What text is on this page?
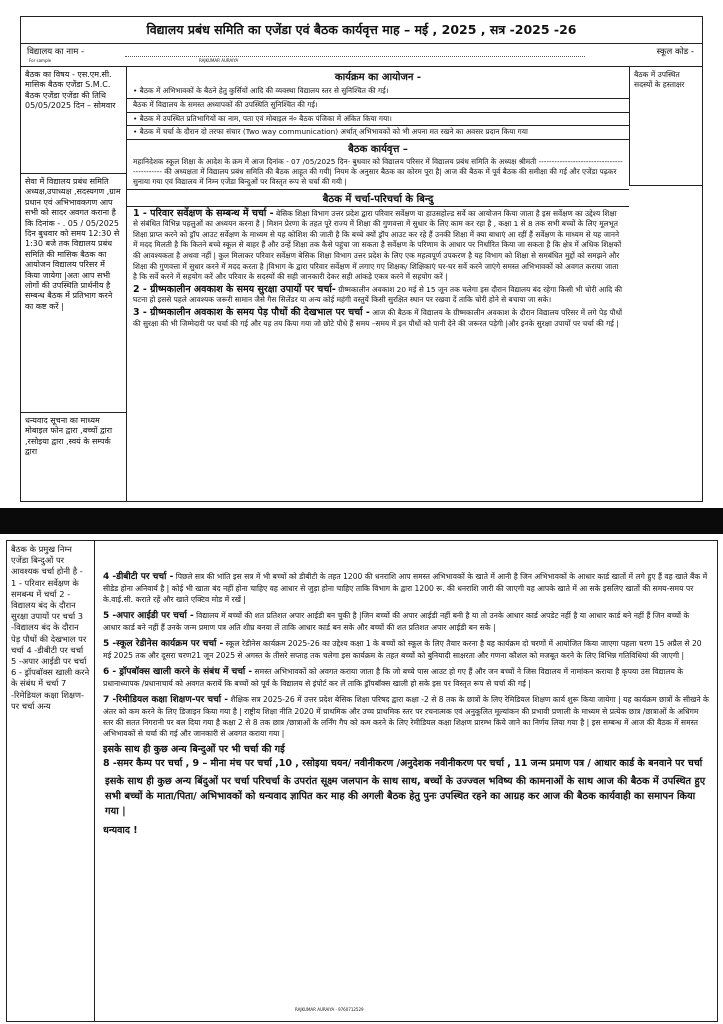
विद्यालय प्रबंध समिति का एजेंडा एवं बैठक कार्यवृत्त माह – मई , 2025 , सत्र -2025 -26
विद्यालय का नाम -	स्कूल कोड -
For sample	RAJKUMAR AURAIYA
बैठक का विषय - एस.एम.सी. मासिक बैठक एजेंडा S.M.C. बैठक एजेंडा एजेंडा की तिथि 05/05/2025 दिन – सोमवार
सेवा में विद्यालय प्रबंध समिति अध्यक्ष,उपाध्यक्ष ,सदस्यगण ,ग्राम प्रधान एवं अभिभावकगण आप सभी को सादर अवगत कराना है कि दिनांक - . 05 / 05/2025 दिन बुधवार को समय 12:30 से 1:30 बजे तक विद्यालय प्रबंध समिति की मासिक बैठक का आयोजन विद्यालय परिसर में किया जायेगा |अतः आप सभी लोगों की उपस्थिति प्रार्थनीय है सम्बन्ध बैठक में प्रतिभाग करने का कष्ट करें |
धन्यवाद सूचना का माध्यम मोबाइल फोन द्वारा ,बच्चों द्वारा ,रसोइया द्वारा ,स्वयं के सम्पर्क द्वारा
कार्यक्रम का आयोजन -
• बैठक में अभिभावकों के बैठने हेतु कुर्सियों आदि की व्यवस्था विद्यालय स्तर से सुनिश्चित की गई।
बैठक में विद्यालय के समस्त अध्यापकों की उपस्थिति सुनिश्चित की गई।
• बैठक में उपस्थित प्रतिभागियों का नाम, पता एवं मोबाइल नं० बैठक पंजिका में अंकित किया गया।
• बैठक में चर्चा के दौरान दो तरफा संचार (Two way communication) अर्थात् अभिभावकों को भी अपना मत रखने का अवसर प्रदान किया गया
बैठक कार्यवृत्त –
महानिदेशक स्कूल शिक्षा के आदेश के क्रम में आज दिनांक - 07 /05/2025 दिन- बुधवार को विद्यालय परिसर में विद्यालय प्रबंध समिति के अध्यक्ष श्रीमती ------------------------------------------- की अध्यक्षता में विद्यालय प्रबंध समिति की बैठक आहूत की गयी| नियम के अनुसार बैठक का कोरम पूरा है| आज की बैठक में पूर्व बैठक की समीक्षा की गई और एजेंडा पढ़कर सुनाया गया एवं विद्यालय में निम्न एजेंडा बिन्दुओं पर विस्तृत रूप से चर्चा की गयी |
बैठक में चर्चा-परिचर्चा के बिन्दु
1 - परिवार सर्वेक्षण के सम्बन्ध में चर्चा - बेसिक शिक्षा विभाग उत्तर प्रदेश द्वारा परिवार सर्वेक्षण या हाउसहोल्ड सर्वे का आयोजन किया जाता है इस सर्वेक्षण का उद्देश्य शिक्षा से संबंधित विभिन्न पहलुओं का अध्ययन करना है | मिशन प्रेरणा के तहत पूरे राज्य में शिक्षा की गुणवत्ता में सुधार के लिए काम कर रहा है , कक्षा 1 से 8 तक सभी बच्चों के लिए मूलभूत शिक्षा प्राप्त करने को ड्रॉप आउट सर्वेक्षण के माध्यम से यह कोशिश की जाती है कि बच्चे क्यों ड्रॉप आउट कर रहे हैं उनकी शिक्षा में क्या बाधाएं आ रहीं हैं सर्वेक्षण के माध्यम से यह जानने में मदद मिलती है कि कितने बच्चे स्कूल से बाहर हैं और उन्हें शिक्षा तक कैसे पहुंचा जा सकता है सर्वेक्षण के परिणाम के आधार पर निर्धारित किया जा सकता है कि क्षेत्र में अधिक शिक्षकों की आवश्यकता है अथवा नहीं | कुल मिलाकर परिवार सर्वेक्षण बेसिक शिक्षा विभाग उत्तर प्रदेश के लिए एक महत्वपूर्ण उपकरण है यह विभाग को शिक्षा से समबंधित मुद्दों को समझने और शिक्षा की गुणवत्ता में सुधार करने में मदद करता है |विभाग के द्वारा परिवार सर्वेक्षण में लगाए गए शिक्षक/ शिक्षिकाएं घर-घर सर्वे करने जाएंगे समस्त अभिभावकों को अवगत कराया जाता है कि सर्वे करने में सहयोग करें और परिवार के सदस्यों की सही जानकारी देकर सही आंकड़े एकत्र करने में सहयोग करें |
2 - ग्रीष्मकालीन अवकाश के समय सुरक्षा उपायों पर चर्चा- ग्रीष्मकालीन अवकाश 20 मई से 15 जून तक चलेगा इस दौरान विद्यालय बंद रहेगा किसी भी चोरी आदि की घटना हो इससे पहले आवश्यक जरूरी सामान जैसे गैस सिलेंडर या अन्य कोई महंगी वस्तुयें किसी सुरक्षित स्थान पर रखवा दें ताकि चोरी होने से बचाया जा सके।
3 - ग्रीष्मकालीन अवकाश के समय पेड़ पौधों की देखभाल पर चर्चा - आज की बैठक में विद्यालय के ग्रीष्मकालीन अवकाश के दौरान विद्यालय परिसर में लगे पेड़ पौधों की सुरक्षा की भी जिम्मेदारी पर चर्चा की गई और यह तय किया गया जो छोटे पौधे हैं समय –समय में इन पौधों को पानी देने की जरूरत पड़ेगी |और इनके सुरक्षा उपायों पर चर्चा की गई |
बैठक में उपस्थित सदस्यों के हस्ताक्षर
बैठक के प्रमुख निम्न एजेंडा बिन्दुओं पर आवश्यक चर्चा होनी है - 1 - परिवार सर्वेक्षण के समबन्ध में चर्चा 2 - विद्यालय बंद के दौरान सुरक्षा उपायों पर चर्चा 3 -विद्यालय बंद के दौरान पेड़ पौधों की देखभाल पर चर्चा 4 -डीबीटी पर चर्चा 5 -अपार आईडी पर चर्चा 6 - ड्रॉपबॉक्स खाली करने के संबंध में चर्चा 7 -रिमेडियल कक्षा शिक्षण- पर चर्चा अन्य
4 -डीबीटी पर चर्चा - पिछले सत्र की भांति इस सत्र में भी बच्चों को डीबीटी के तहत 1200 की धनराशि आप समस्त अभिभावकों के खाते में आनी है जिन अभिभावकों के आधार कार्ड खातों में लगे हुए हैं वह खाते बैंक में सीडेड होना अनिवार्य है | कोई भी खाता बंद नहीं होना चाहिए वह आधार से जुड़ा होना चाहिए ताकि विभाग के द्वारा 1200 रू. की धनराशि जारी की जाएगी वह आपके खाते में आ सके इसलिए खातों की समय-समय पर के.वाई.सी. कराते रहें और खाते एक्टिव मोड में रखें |
5 -अपार आईडी पर चर्चा - विद्यालय में बच्चों की शत प्रतिशत अपार आईडी बन चुकी है |जिन बच्चों की अपार आईडी नहीं बनी है या तो उनके आधार कार्ड अपडेट नहीं है या आधार कार्ड बने नहीं हैं जिन बच्चों के आधार कार्ड बने नहीं हैं उनके जन्म प्रमाण पत्र अति शीघ्र बनवा लें ताकि आधार कार्ड बन सके और बच्चों की शत प्रतिशत अपार आईडी बन सके |
5 -स्कूल रेडीनेस कार्यक्रम पर चर्चा - स्कूल रेडीनेस कार्यक्रम 2025-26 का उद्देश्य कक्षा 1 के बच्चों को स्कूल के लिए तैयार करना है यह कार्यक्रम दो चरणों में आयोजित किया जाएगा पहला चरण 15 अप्रैल से 20 मई 2025 तक और दूसरा चरण21 जून 2025 से अगस्त के तीसरे सप्ताह तक चलेगा इस कार्यक्रम के तहत बच्चों को बुनियादी साक्षरता और गणना कौशल को मजबूत करने के लिए विभिन्न गतिविधियां की जाएगी |
6 - ड्रॉपबॉक्स खाली करने के संबंध में चर्चा - समस्त अभिभावकों को अवगत कराया जाता है कि जो बच्चे पास आउट हो गए हैं और जन बच्चों ने जिस विद्यालय में नामांकन कराया है कृपया उस विद्यालय के प्रधानाध्यापक /प्रधानाचार्य को अवगत करायें कि बच्चों को पूर्व के विद्यालय से इंपोर्ट कर लें ताकि ड्रॉपबॉक्स खाली हो सके इस पर विस्तृत रूप से चर्चा की गई |
7 -रिमीडियल कक्षा शिक्षण-पर चर्चा - शैक्षिक सत्र 2025-26 में उत्तर प्रदेश बेसिक शिक्षा परिषद द्वारा कक्षा -2 से 8 तक के छात्रों के लिए रेमिडियल शिक्षण कार्य शुरू किया जायेगा | यह कार्यक्रम छात्रों के सीखने के अंतर को कम करने के लिए डिजाइन किया गया है | राष्ट्रीय शिक्षा नीति 2020 में प्राथमिक और उच्च प्राथमिक स्तर पर रचनात्मक एवं अनुकूलित मूल्यांकन की प्रभावी प्रणाली के माध्यम से प्रत्येक छात्र /छात्राओं के अधिगम स्तर की सतत निगरानी पर बल दिया गया है कक्षा 2 से 8 तक छात्र /छात्राओं के लर्निंग गैप को कम करने के लिए रेमीडियल कक्षा शिक्षण प्रारम्भ किये जाने का निर्णय लिया गया है | इस सम्बन्ध में आज की बैठक में समस्त अभिभावकों से चर्चा की गई और जानकारी से अवगत कराया गया |
इसके साथ ही कुछ अन्य बिन्दुओं पर भी चर्चा की गई
8 -समर कैम्प पर चर्चा , 9 – मीना मंच पर चर्चा ,10 , रसोइया चयन/ नवीनीकरण /अनुदेशक नवीनीकरण पर चर्चा , 11 जन्म प्रमाण पत्र / आधार कार्ड के बनवाने पर चर्चा
इसके साथ ही कुछ अन्य बिंदुओं पर चर्चा परिचर्चा के उपरांत सूक्ष्म जलपान के साथ साथ, बच्चों के उज्ज्वल भविष्य की कामनाओं के साथ आज की बैठक में उपस्थित हुए सभी बच्चों के माता/पिता/ अभिभावकों को धन्यवाद ज्ञापित कर माह की अगली बैठक हेतु पुनः उपस्थित रहने का आग्रह कर आज की बैठक कार्यवाही का समापन किया गया |
धन्यवाद !
RAJKUMAR AURAIYA · 9760712529
